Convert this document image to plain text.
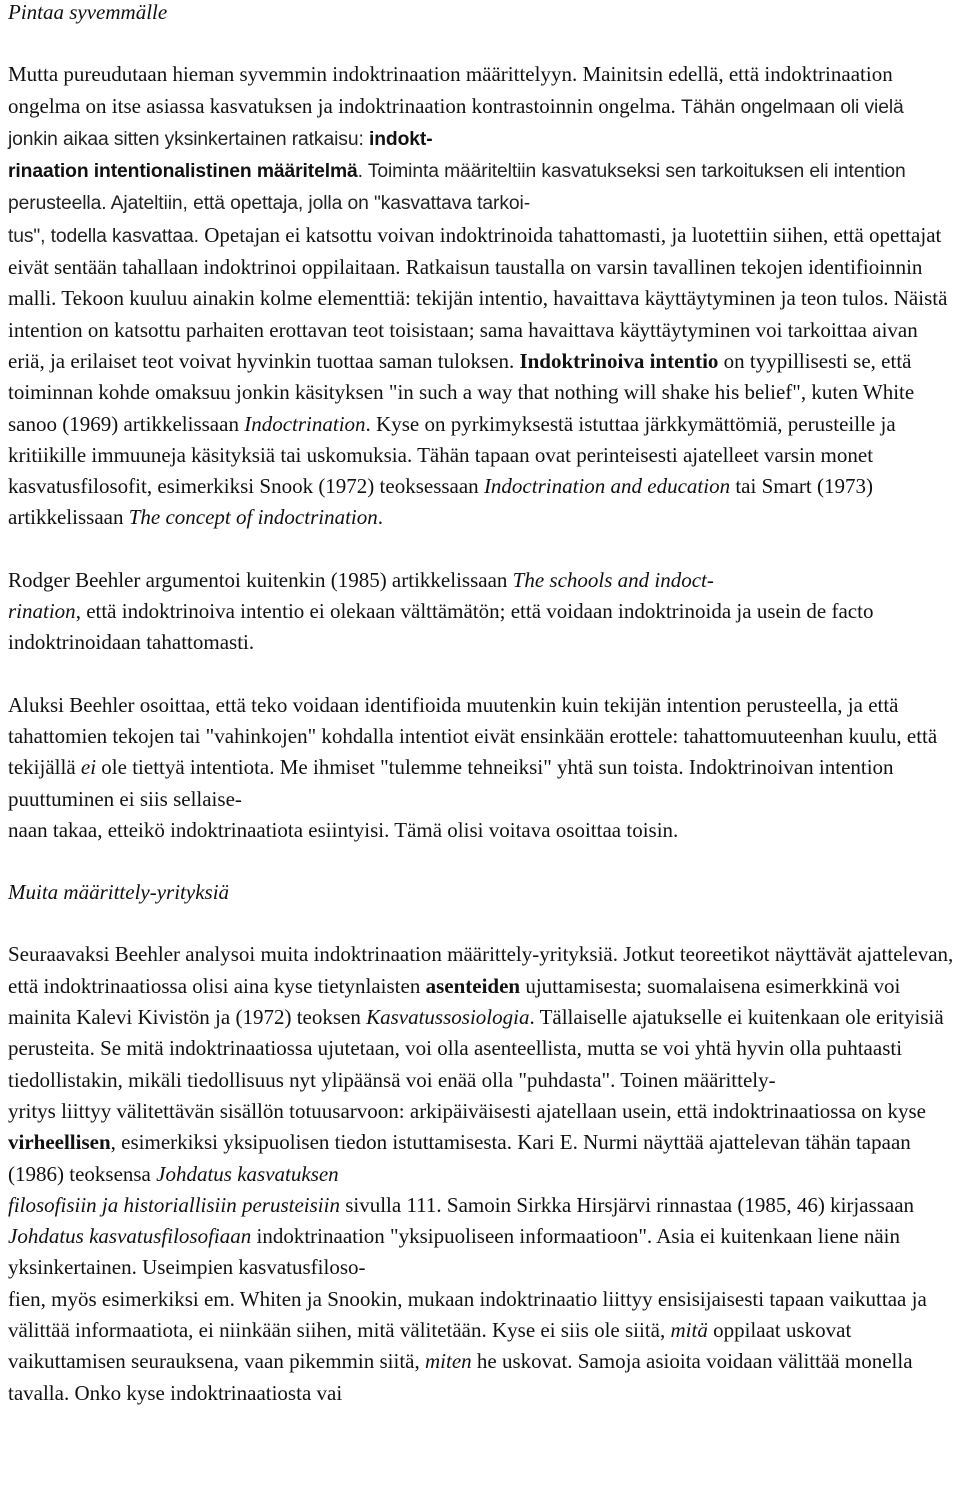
Pintaa syvemmälle

Mutta pureudutaan hieman syvemmin indoktrinaation määrittelyyn. Mainitsin edellä, että indoktrinaation ongelma on itse asiassa kasvatuksen ja indoktrinaation kontrastoinnin ongelma. Tähän ongelmaan oli vielä jonkin aikaa sitten yksinkertainen ratkaisu: indokt-
rinaation intentionalistinen määritelmä. Toiminta määriteltiin kasvatukseksi sen tarkoituksen eli intention perusteella. Ajateltiin, että opettaja, jolla on "kasvattava tarkoi-
tus", todella kasvattaa. Opetajan ei katsottu voivan indoktrinoida tahattomasti, ja luotettiin siihen, että opettajat eivät sentään tahallaan indoktrinoi oppilaitaan. Ratkaisun taustalla on varsin tavallinen tekojen identifioinnin malli. Tekoon kuuluu ainakin kolme elementtiä: tekijän intentio, havaittava käyttäytyminen ja teon tulos. Näistä intention on katsottu parhaiten erottavan teot toisistaan; sama havaittava käyttäytyminen voi tarkoittaa aivan eriä, ja erilaiset teot voivat hyvinkin tuottaa saman tuloksen. Indoktrinoiva intentio on tyypillisesti se, että toiminnan kohde omaksuu jonkin käsityksen "in such a way that nothing will shake his belief", kuten White sanoo (1969) artikkelissaan Indoctrination. Kyse on pyrkimyksestä istuttaa järkkymättömiä, perusteille ja kritiikille immuuneja käsityksiä tai uskomuksia. Tähän tapaan ovat perinteisesti ajatelleet varsin monet kasvatusfilosofit, esimerkiksi Snook (1972) teoksessaan Indoctrination and education tai Smart (1973) artikkelissaan The concept of indoctrination.

Rodger Beehler argumentoi kuitenkin (1985) artikkelissaan The schools and indoct-
rination, että indoktrinoiva intentio ei olekaan välttämätön; että voidaan indoktrinoida ja usein de facto indoktrinoidaan tahattomasti.

Aluksi Beehler osoittaa, että teko voidaan identifioida muutenkin kuin tekijän intention perusteella, ja että tahattomien tekojen tai "vahinkojen" kohdalla intentiot eivät ensinkään erottele: tahattomuuteenhan kuulu, että tekijällä ei ole tiettyä intentiota. Me ihmiset "tulemme tehneiksi" yhtä sun toista. Indoktrinoivan intention puuttuminen ei siis sellaise-
naan takaa, etteikö indoktrinaatiota esiintyisi. Tämä olisi voitava osoittaa toisin.

Muita määrittely-yrityksiä

Seuraavaksi Beehler analysoi muita indoktrinaation määrittely-yrityksiä. Jotkut teoreetikot näyttävät ajattelevan, että indoktrinaatiossa olisi aina kyse tietynlaisten asenteiden ujuttamisesta; suomalaisena esimerkkinä voi mainita Kalevi Kivistön ja (1972) teoksen Kasvatussosiologia. Tällaiselle ajatukselle ei kuitenkaan ole erityisiä perusteita. Se mitä indoktrinaatiossa ujutetaan, voi olla asenteellista, mutta se voi yhtä hyvin olla puhtaasti tiedollistakin, mikäli tiedollisuus nyt ylipäänsä voi enää olla "puhdasta". Toinen määrittely-
yritys liittyy välitettävän sisällön totuusarvoon: arkipäiväisesti ajatellaan usein, että indoktrinaatiossa on kyse virheellisen, esimerkiksi yksipuolisen tiedon istuttamisesta. Kari E. Nurmi näyttää ajattelevan tähän tapaan (1986) teoksensa Johdatus kasvatuksen
filosofisiin ja historiallisiin perusteisiin sivulla 111. Samoin Sirkka Hirsjärvi rinnastaa (1985, 46) kirjassaan Johdatus kasvatusfilosofiaan indoktrinaation "yksipuoliseen informaatioon". Asia ei kuitenkaan liene näin yksinkertainen. Useimpien kasvatusfiloso-
fien, myös esimerkiksi em. Whiten ja Snookin, mukaan indoktrinaatio liittyy ensisijaisesti tapaan vaikuttaa ja välittää informaatiota, ei niinkään siihen, mitä välitetään. Kyse ei siis ole siitä, mitä oppilaat uskovat vaikuttamisen seurauksena, vaan pikemmin siitä, miten he uskovat. Samoja asioita voidaan välittää monella tavalla. Onko kyse indoktrinaatiosta vai
